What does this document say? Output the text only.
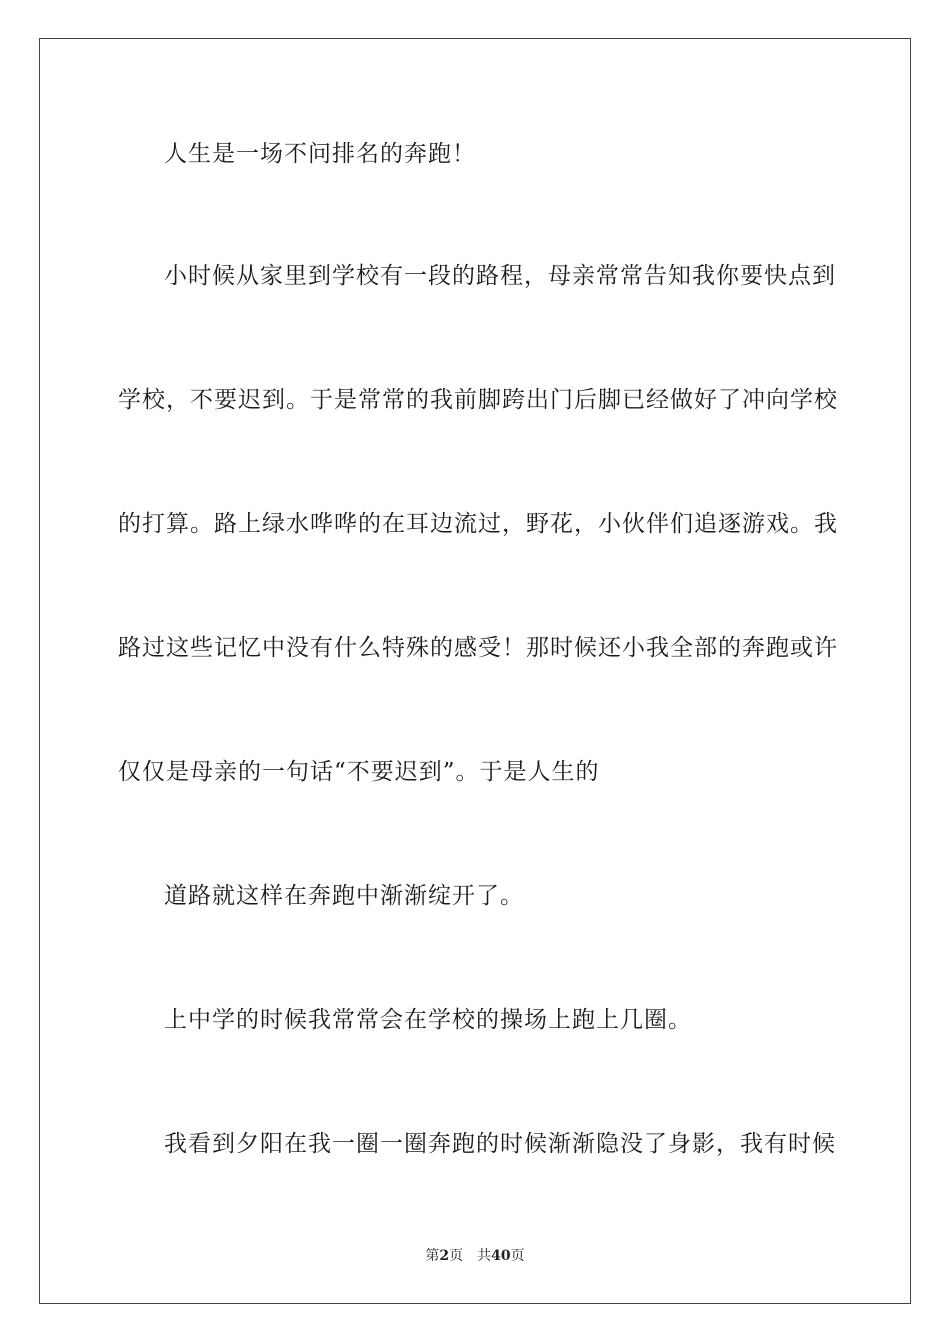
人生是一场不问排名的奔跑！
小时候从家里到学校有一段的路程，母亲常常告知我你要快点到
学校，不要迟到。于是常常的我前脚跨出门后脚已经做好了冲向学校
的打算。路上绿水哗哗的在耳边流过，野花，小伙伴们追逐游戏。我
路过这些记忆中没有什么特殊的感受！那时候还小我全部的奔跑或许
仅仅是母亲的一句话“不要迟到”。于是人生的
道路就这样在奔跑中渐渐绽开了。
上中学的时候我常常会在学校的操场上跑上几圈。
我看到夕阳在我一圈一圈奔跑的时候渐渐隐没了身影，我有时候
第2页 共40页
